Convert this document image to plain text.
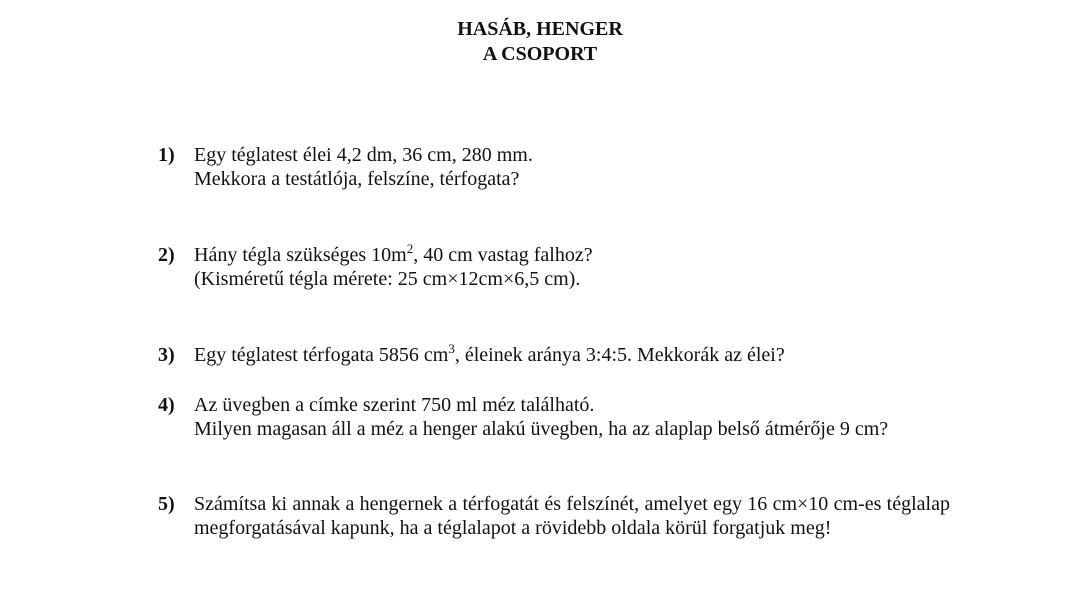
HASÁB, HENGER
A CSOPORT
1) Egy téglatest élei 4,2 dm, 36 cm, 280 mm.
Mekkora a testátlója, felszíne, térfogata?
2) Hány tégla szükséges $10m^2$, 40 cm vastag falhoz?
(Kisméretű tégla mérete: 25 cm×12cm×6,5 cm).
3) Egy téglatest térfogata 5856 $cm^3$, éleinek aránya 3:4:5. Mekkorák az élei?
4) Az üvegben a címke szerint 750 ml méz található.
Milyen magasan áll a méz a henger alakú üvegben, ha az alaplap belső átmérője 9 cm?
5) Számítsa ki annak a hengernek a térfogatát és felszínét, amelyet egy 16 cm×10 cm-es téglalap megforgatásával kapunk, ha a téglalapot a rövidebb oldala körül forgatjuk meg!
